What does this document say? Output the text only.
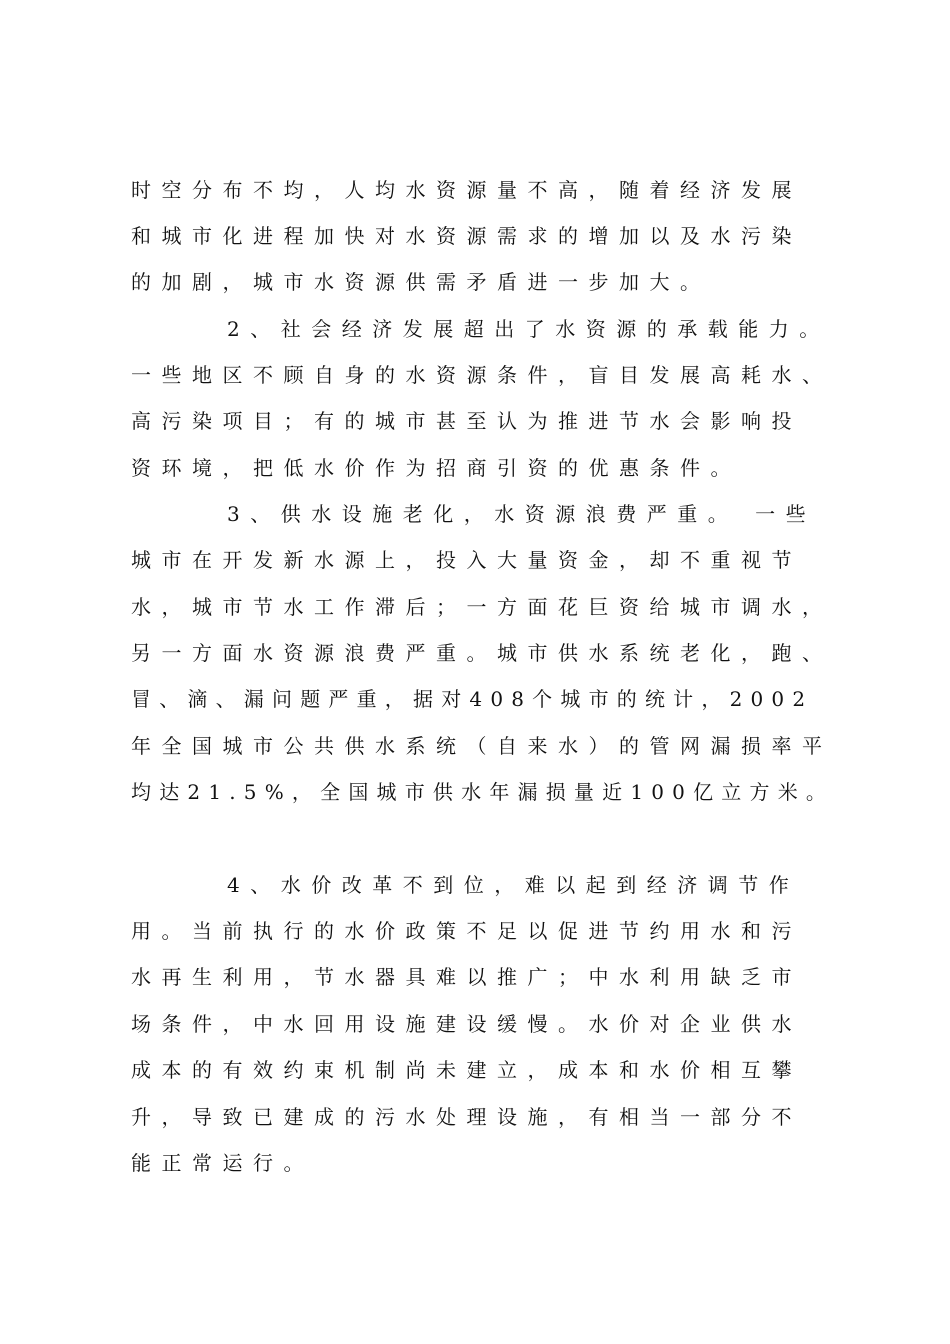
时空分布不均，人均水资源量不高，随着经济发展
和城市化进程加快对水资源需求的增加以及水污染
的加剧，城市水资源供需矛盾进一步加大。
2、社会经济发展超出了水资源的承载能力。
一些地区不顾自身的水资源条件，盲目发展高耗水、
高污染项目；有的城市甚至认为推进节水会影响投
资环境，把低水价作为招商引资的优惠条件。
3、供水设施老化，水资源浪费严重。 一些
城市在开发新水源上，投入大量资金，却不重视节
水，城市节水工作滞后；一方面花巨资给城市调水，
另一方面水资源浪费严重。城市供水系统老化，跑、
冒、滴、漏问题严重，据对408个城市的统计，2002
年全国城市公共供水系统（自来水）的管网漏损率平
均达21.5%，全国城市供水年漏损量近100亿立方米。
4、水价改革不到位，难以起到经济调节作
用。当前执行的水价政策不足以促进节约用水和污
水再生利用，节水器具难以推广；中水利用缺乏市
场条件，中水回用设施建设缓慢。水价对企业供水
成本的有效约束机制尚未建立，成本和水价相互攀
升，导致已建成的污水处理设施，有相当一部分不
能正常运行。
